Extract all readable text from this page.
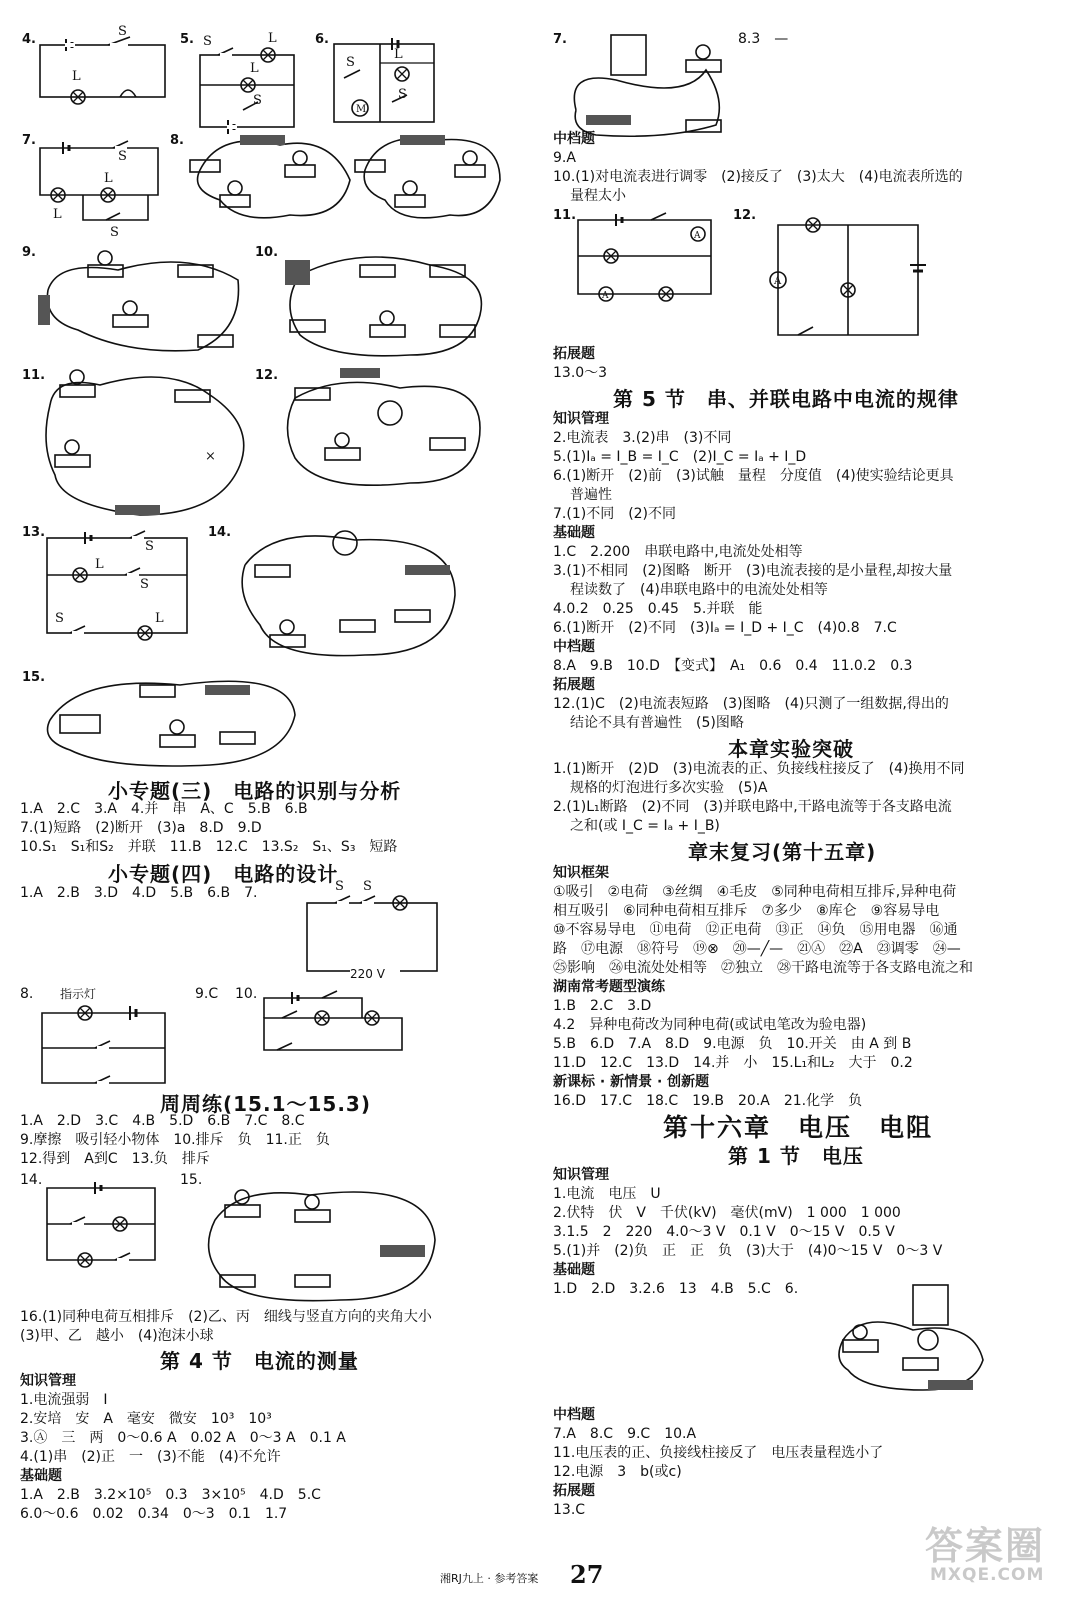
4.
S
L
5. S	L
L
S
6.
M
S
L
S
7.
S
L
L
S
8.
9.	10.
11.
×
12.
13.
S
L
S
S	L
14.
15.
小专题(三)　电路的识别与分析
1.A　2.C　3.A　4.并　串　A、C　5.B　6.B
7.(1)短路　(2)断开　(3)a　8.D　9.D
10.S₁　S₁和S₂　并联　11.B　12.C　13.S₂　S₁、S₃　短路
小专题(四)　电路的设计
1.A　2.B　3.D　4.D　5.B　6.B　7.	S S
220 V
8. 指示灯	9.C 10.
周周练(15.1～15.3)
1.A　2.D　3.C　4.B　5.D　6.B　7.C　8.C
9.摩擦　吸引轻小物体　10.排斥　负　11.正　负
12.得到　A到C　13.负　排斥
14.	15.
16.(1)同种电荷互相排斥　(2)乙、丙　细线与竖直方向的夹角大小
(3)甲、乙　越小　(4)泡沫小球
第 4 节　电流的测量
知识管理
1.电流强弱　I
2.安培　安　A　毫安　微安　10³　10³
3.Ⓐ　三　两　0～0.6 A　0.02 A　0～3 A　0.1 A
4.(1)串　(2)正　一　(3)不能　(4)不允许
基础题
1.A　2.B　3.2×10⁵　0.3　3×10⁵　4.D　5.C
6.0～0.6　0.02　0.34　0～3　0.1　1.7
7.	8.3　—
中档题
9.A
10.(1)对电流表进行调零　(2)接反了　(3)太大　(4)电流表所选的
量程太小
11.
A
A
12.
A
拓展题
13.0～3
第 5 节　串、并联电路中电流的规律
知识管理
2.电流表　3.(2)串　(3)不同
5.(1)Iₐ = I_B = I_C　(2)I_C = Iₐ + I_D
6.(1)断开　(2)前　(3)试触　量程　分度值　(4)使实验结论更具
普遍性
7.(1)不同　(2)不同
基础题
1.C　2.200　串联电路中,电流处处相等
3.(1)不相同　(2)图略　断开　(3)电流表接的是小量程,却按大量
程读数了　(4)串联电路中的电流处处相等
4.0.2　0.25　0.45　5.并联　能
6.(1)断开　(2)不同　(3)Iₐ = I_D + I_C　(4)0.8　7.C
中档题
8.A　9.B　10.D　【变式】　A₁　0.6　0.4　11.0.2　0.3
拓展题
12.(1)C　(2)电流表短路　(3)图略　(4)只测了一组数据,得出的
结论不具有普遍性　(5)图略
本章实验突破
1.(1)断开　(2)D　(3)电流表的正、负接线柱接反了　(4)换用不同
规格的灯泡进行多次实验　(5)A
2.(1)L₁断路　(2)不同　(3)并联电路中,干路电流等于各支路电流
之和(或 I_C = Iₐ + I_B)
章末复习(第十五章)
知识框架
①吸引　②电荷　③丝绸　④毛皮　⑤同种电荷相互排斥,异种电荷
相互吸引　⑥同种电荷相互排斥　⑦多少　⑧库仑　⑨容易导电
⑩不容易导电　⑪电荷　⑫正电荷　⑬正　⑭负　⑮用电器　⑯通
路　⑰电源　⑱符号　⑲⊗　⑳—╱—　㉑Ⓐ　㉒A　㉓调零　㉔—
㉕影响　㉖电流处处相等　㉗独立　㉘干路电流等于各支路电流之和
湖南常考题型演练
1.B　2.C　3.D
4.2　异种电荷改为同种电荷(或试电笔改为验电器)
5.B　6.D　7.A　8.D　9.电源　负　10.开关　由 A 到 B
11.D　12.C　13.D　14.并　小　15.L₁和L₂　大于　0.2
新课标 · 新情景 · 创新题
16.D　17.C　18.C　19.B　20.A　21.化学　负
第十六章　电压　电阻
第 1 节　电压
知识管理
1.电流　电压　U
2.伏特　伏　V　千伏(kV)　毫伏(mV)　1 000　1 000
3.1.5　2　220　4.0～3 V　0.1 V　0～15 V　0.5 V
5.(1)并　(2)负　正　正　负　(3)大于　(4)0～15 V　0～3 V
基础题
1.D　2.D　3.2.6　13　4.B　5.C　6.
中档题
7.A　8.C　9.C　10.A
11.电压表的正、负接线柱接反了　电压表量程选小了
12.电源　3　b(或c)
拓展题
13.C
湘RJ九上 · 参考答案 27
答案圈
MXQE.COM
